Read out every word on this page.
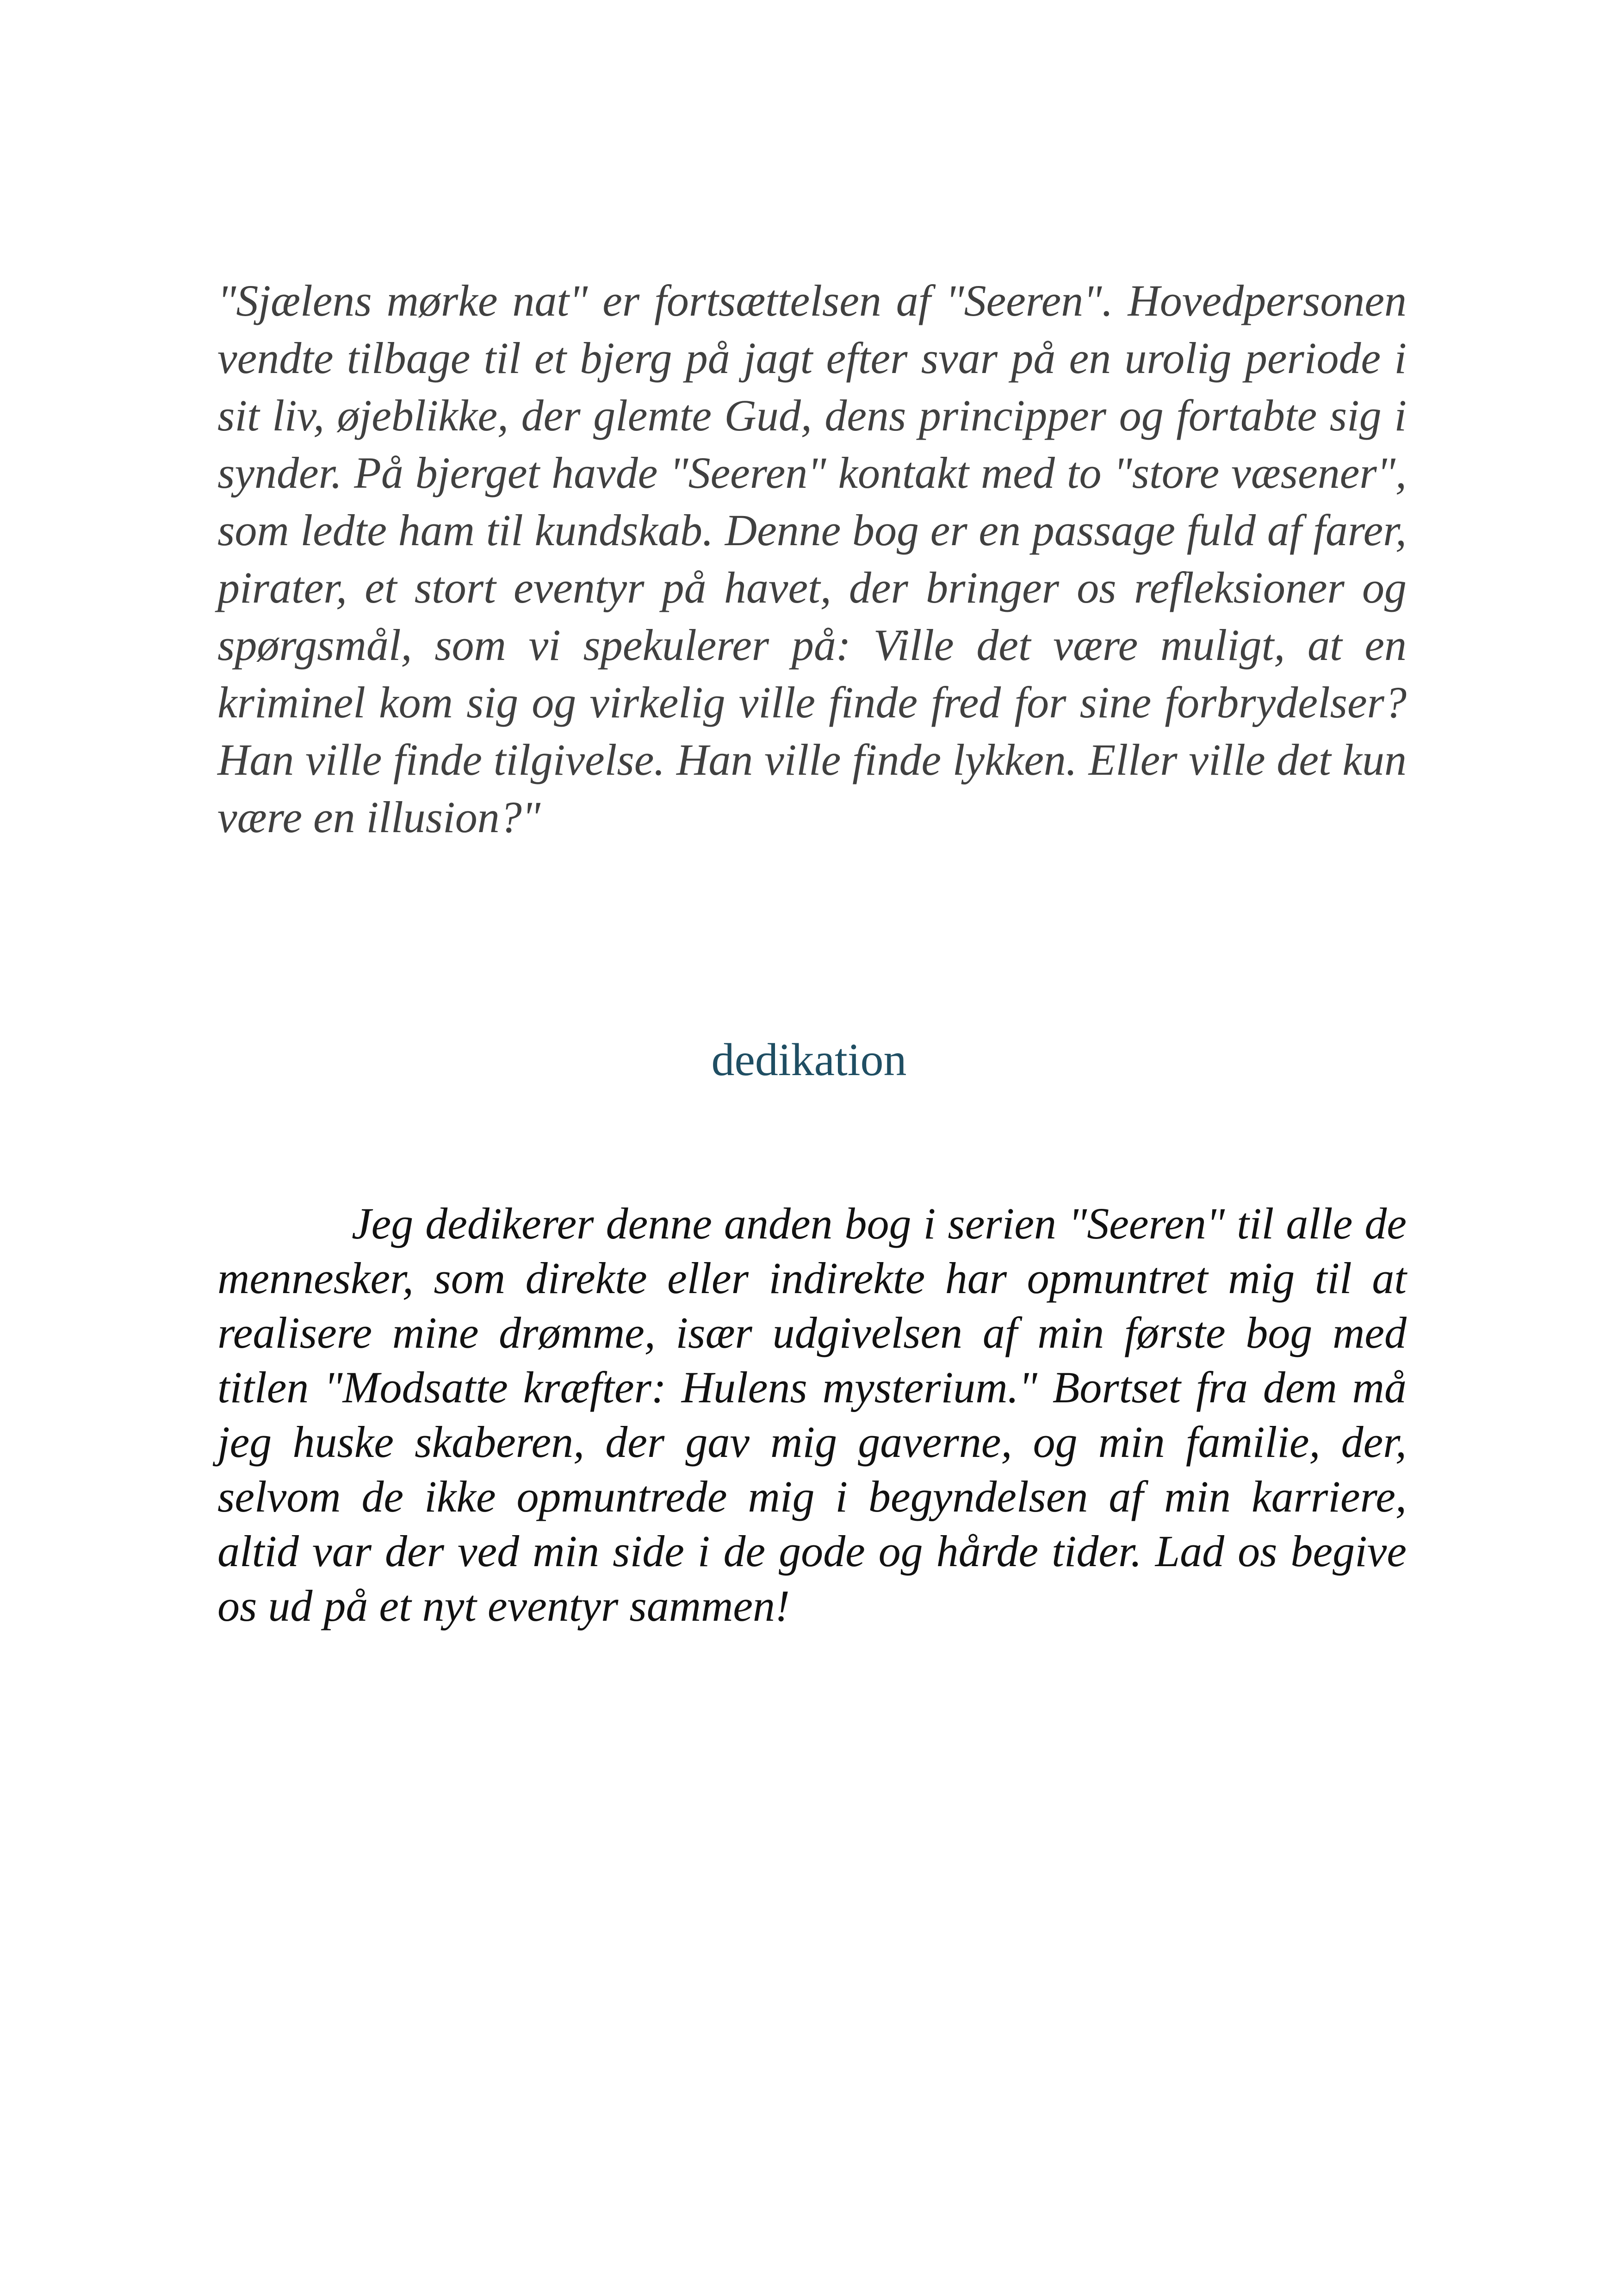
"Sjælens mørke nat" er fortsættelsen af "Seeren". Hovedpersonen vendte tilbage til et bjerg på jagt efter svar på en urolig periode i sit liv, øjeblikke, der glemte Gud, dens principper og fortabte sig i synder. På bjerget havde "Seeren" kontakt med to "store væsener", som ledte ham til kundskab. Denne bog er en passage fuld af farer, pirater, et stort eventyr på havet, der bringer os refleksioner og spørgsmål, som vi spekulerer på: Ville det være muligt, at en kriminel kom sig og virkelig ville finde fred for sine forbrydelser? Han ville finde tilgivelse. Han ville finde lykken. Eller ville det kun være en illusion?"

dedikation

Jeg dedikerer denne anden bog i serien "Seeren" til alle de mennesker, som direkte eller indirekte har opmuntret mig til at realisere mine drømme, især udgivelsen af min første bog med titlen "Modsatte kræfter: Hulens mysterium." Bortset fra dem må jeg huske skaberen, der gav mig gaverne, og min familie, der, selvom de ikke opmuntrede mig i begyndelsen af min karriere, altid var der ved min side i de gode og hårde tider. Lad os begive os ud på et nyt eventyr sammen!
